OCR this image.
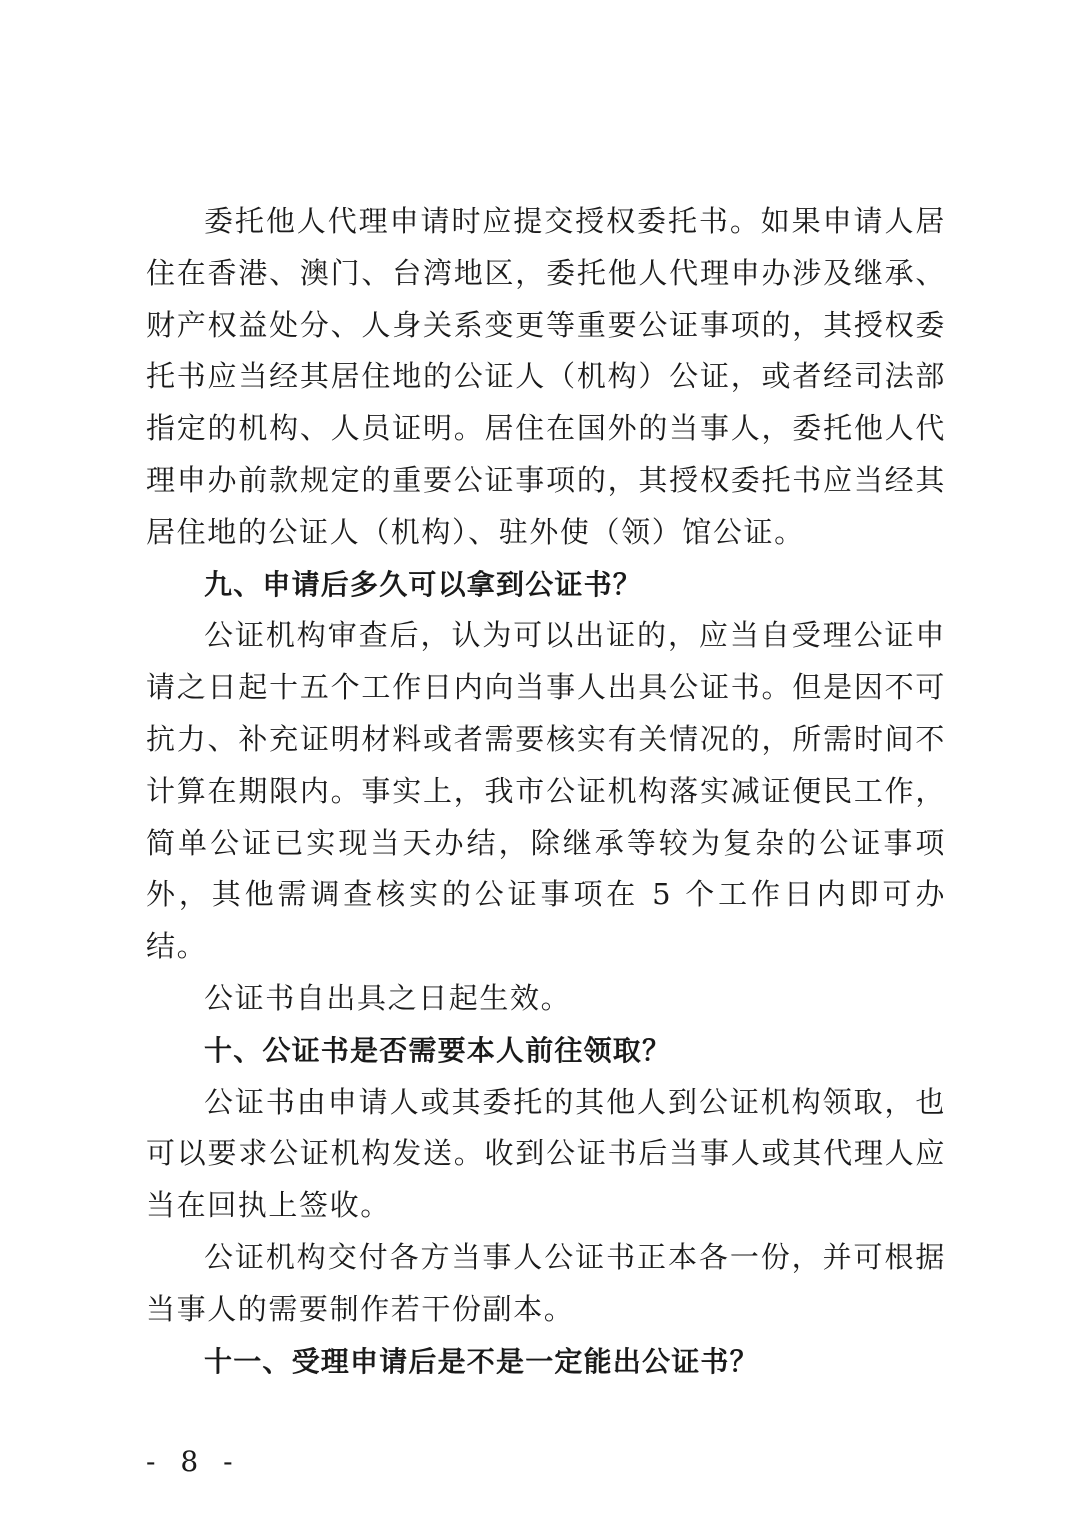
委托他人代理申请时应提交授权委托书。如果申请人居住在香港、澳门、台湾地区，委托他人代理申办涉及继承、财产权益处分、人身关系变更等重要公证事项的，其授权委托书应当经其居住地的公证人（机构）公证，或者经司法部指定的机构、人员证明。居住在国外的当事人，委托他人代理申办前款规定的重要公证事项的，其授权委托书应当经其居住地的公证人（机构）、驻外使（领）馆公证。

九、申请后多久可以拿到公证书？

公证机构审查后，认为可以出证的，应当自受理公证申请之日起十五个工作日内向当事人出具公证书。但是因不可抗力、补充证明材料或者需要核实有关情况的，所需时间不计算在期限内。事实上，我市公证机构落实减证便民工作，简单公证已实现当天办结，除继承等较为复杂的公证事项外，其他需调查核实的公证事项在 5 个工作日内即可办结。

公证书自出具之日起生效。

十、公证书是否需要本人前往领取？

公证书由申请人或其委托的其他人到公证机构领取，也可以要求公证机构发送。收到公证书后当事人或其代理人应当在回执上签收。

公证机构交付各方当事人公证书正本各一份，并可根据当事人的需要制作若干份副本。

十一、受理申请后是不是一定能出公证书？

- 8 -
